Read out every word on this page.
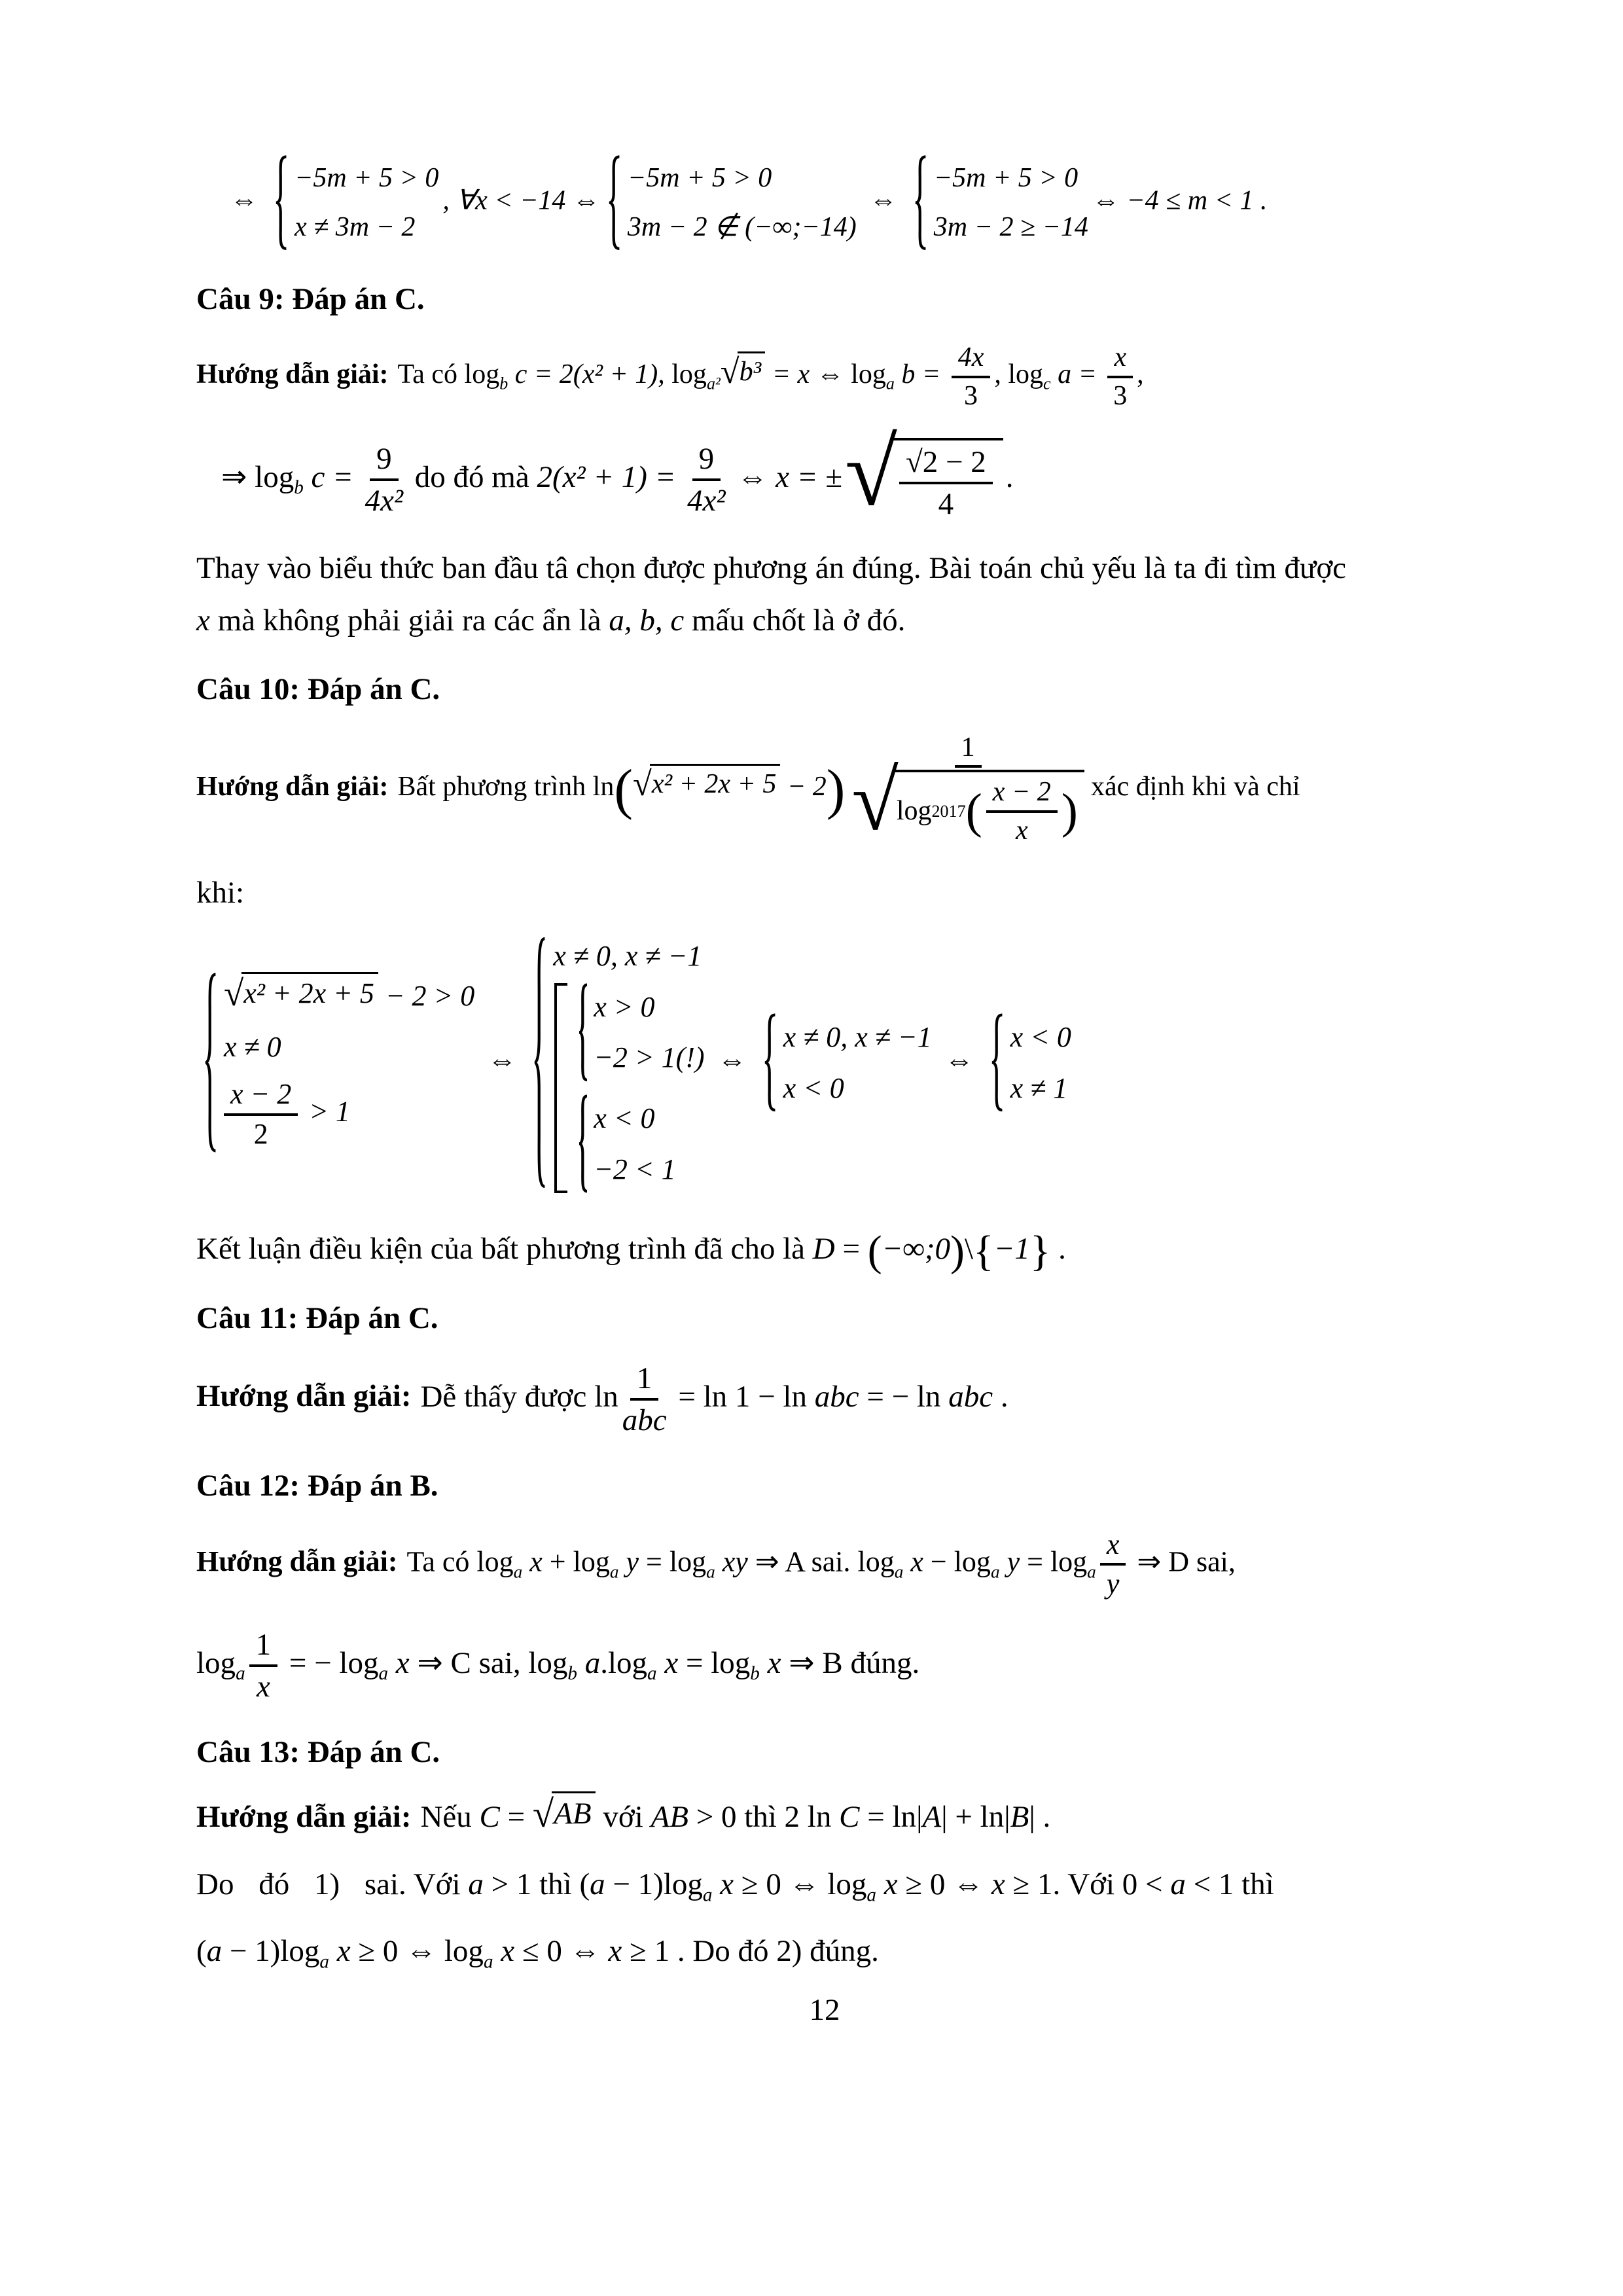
⇔
−5m + 5 > 0
x ≠ 3m − 2
, ∀x < −14 ⇔
−5m + 5 > 0
3m − 2 ∉ (−∞;−14)
⇔
−5m + 5 > 0
3m − 2 ≥ −14
⇔ −4 ≤ m < 1 .
Câu 9: Đáp án C.
Hướng dẫn giải: Ta có $\log_b c = 2(x^2 + 1)$, $\log_{a^2}√b^3 = x$ ⇔ $\log_a b = \frac{4x}{3}$ , $\log_c a = \frac{x}{3}$ ,
⇒ $\log_b c = \frac{9}{\text{4x²}}$ do đó mà $2(x^2 + 1) = \frac{9}{\text{4x²}}$ ⇔ x = ± √ $\frac{√2 - 2}{4}$ .
Thay vào biểu thức ban đầu tâ chọn được phương án đúng. Bài toán chủ yếu là ta đi tìm được
x mà không phải giải ra các ẩn là a, b, c mấu chốt là ở đó.
Câu 10: Đáp án C.
Hướng dẫn giải: Bất phương trình ln(√x² + 2x + 5 − 2) 1
√
log 2017 ( $\frac{x - 2}{x}$ ) xác định khi và chỉ
khi:
√x² + 2x + 5 − 2 > 0
x ≠ 0
$\frac{x - 2}{2} > 1$
⇔
x ≠ 0, x ≠ −1
x > 0
−2 > 1(!)
x < 0
−2 < 1
⇔
x ≠ 0, x ≠ −1
x < 0
⇔
x < 0
x ≠ 1
Kết luận điều kiện của bất phương trình đã cho là D = (−∞;0)\{−1} .
Câu 11: Đáp án C.
Hướng dẫn giải: Dễ thấy được $\ln \frac{1}{\text{abc}} = \ln 1 - \ln$ abc = − ln abc .
Câu 12: Đáp án B.
Hướng dẫn giải: Ta có $\log_a x + \log_a y = \log_a$ xy ⇒ A sai. $\log_a x - \log_a y = \log_a \frac{x}{y}$ ⇒ D sai,
$\log_a \frac{1}{x}$ = − $\log_a x$ ⇒ C sai, $\log_b a.\log_a$ $x = \log_b x$ ⇒ B đúng.
Câu 13: Đáp án C.
Hướng dẫn giải: Nếu C = √AB với AB > 0 thì 2 ln C = ln|A| + ln|B| .
Do đó 1) sai. Với a > 1 thì $(a - 1)\log_a$ x ≥ 0 ⇔ $\log_a x \ge 0$ ⇔ x ≥ 1. Với 0 < a < 1 thì
$(a - 1)\log_a$ x ≥ 0 ⇔ $\log_a x \le 0$ ⇔ x ≥ 1 . Do đó 2) đúng.
12
